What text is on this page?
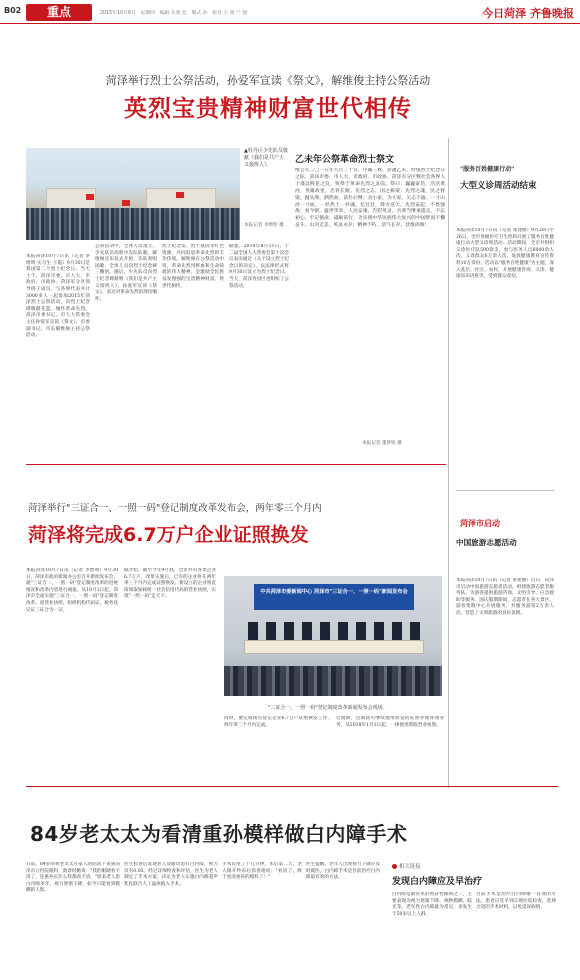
B02	重点	2015年10月8日　星期四　编辑 车张 佳　版式 孙　校对 王 娟 兰 强	今日菏泽 齐鲁晚报
菏泽举行烈士公祭活动，孙爱军宣读《祭文》，解维俊主持公祭活动
英烈宝贵精神财富世代相传
▲牡丹区少先队员敬献《我们是共产主义接班人》。
本报记者 李增明 摄
本报菏泽10月7日讯（记者 李增明 实习生 王霞）9月30日是我国第二个烈士纪念日。当天上午，菏泽市委、市人大、市政府、市政协、菏泽军分区领导班子成员，与各界代表共计3000多人一起参加2015年菏泽烈士公祭活动，向烈士纪念碑敬献花篮，缅怀革命先烈。菏泽市委书记、市人大常委会主任孙爱军宣读《祭文》，市委副书记、市长解维俊主持公祭活动。
公祭活动中，全体人员肃立，少先队员高唱少先队队歌。解维俊宣布仪式开始，乐队奏唱国歌，全体人员向烈士纪念碑三鞠躬。随后，少先队员向烈士纪念碑献唱《我们是共产主义接班人》。孙爱军宣读《祭文》，表达对革命先烈的深切缅怀。
烈士纪念馆、烈士墓园等红色资源，共同追思革命先烈的丰功伟绩。解维俊在公祭活动中说，革命先烈用鲜血和生命铸就的伟大精神，是激励全民族奋发图强的宝贵精神财富，将世代相传。
据悉，2014年8月31日，十二届全国人大常委会第十次会议表决通过《关于设立烈士纪念日的决定》，以法律形式将9月30日设立为烈士纪念日。当天，菏泽各县区也组织了公祭活动。
乙未年公祭革命烈士祭文
维公元二〇一五年九月三十日，序属三秋，岁逢乙未，时值烈士纪念日之际，菏泽市委、市人大、市政府、市政协、菏泽军分区暨社会各界人士谨以鲜花之仪，致祭于革命先烈之灵前。祭曰：巍巍泰岱，浩浩黄河，英雄故里，忠骨长眠。先烈之志，国之栋梁；先烈之魂，民之脊梁。抛头颅，洒热血，前仆后继；舍小家，为大家，矢志不渝。一寸山河一寸血，一抔热土一抔魂。忆往昔，烽火连天，先烈奋起，不畏强敌；看今朝，盛世华章，人民安康，告慰英灵。吾辈当继承遗志，不忘初心，牢记使命，砥砺前行，为实现中华民族伟大复兴的中国梦而不懈奋斗。山河无恙，英灵永存；精神不朽，浩气长存。伏维尚飨！
本报记者 董梦娇 摄
"服务百姓健康行动"
大型义诊周活动结束
本报菏泽10月7日讯（记者 张建丽）9月20日至26日，全市各级医疗卫生机构开展了服务百姓健康行动大型义诊周活动。活动期间，全市共组织义诊医疗队500余支，参与医务人员6000余人次，义诊群众6万余人次，发放健康教育宣传资料10万余份。活动以"服务百姓健康"为主题，深入基层、社区、农村，开展健康咨询、义诊、健康知识讲座等，受到群众欢迎。
菏泽市启动
中国旅游志愿活动
本报菏泽10月7日讯（记者 张建丽）近日，菏泽市启动中国旅游志愿者活动，组建旅游志愿者服务队，为游客提供旅游咨询、文明引导、应急救助等服务。国庆假期期间，志愿者在各大景区、游客集散中心开展服务，共服务游客2万余人次，营造了文明旅游的良好氛围。
菏泽举行"三证合一、一照一码"登记制度改革发布会，两年零三个月内
菏泽将完成6.7万户企业证照换发
本报菏泽10月7日讯（记者 李增明）9月30日，菏泽市政府新闻办公室召开新闻发布会，就"三证合一、一照一码"登记制度改革的进展情况和改革内容进行通报。从10月1日起，菏泽市全面实施"三证合一、一照一码"登记制度改革，原营业执照、组织机构代码证、税务登记证三证合为一证。
据介绍，截至今年9月底，全市共有各类企业6.7万户，改革实施后，已有的企业将在两年零三个月内完成证照换发。新设立的企业将直接领取加载统一社会信用代码的营业执照，实现"一照一码"走天下。
中共菏泽市委新闻中心 菏泽市"三证合一、一照一码"新闻发布会
"三证合一、一照一码"登记制度改革新闻发布会现场。
同时，要完成现有登记企业6.7万户证照换发工作，两年零三个月内完成。
过渡期，这期间可继续使用原发的证照办理各项业务，从2018年1月1日起，一律使用新版营业执照。
84岁老太太为看清重孙模样做白内障手术
日前，84岁的侯老太太在家人的陪同下来到菏泽市立医院眼科，就诊时她说："我的眼睛看不清了，连重孙长什么样都看不清。"原来老人患白内障多年，视力逐渐下降，如今只能看到模糊的人影。
医生检查后发现老人双眼均患有白内障，视力仅有0.05。经过详细检查和评估，医生为老人制定了手术方案，决定为老人实施白内障超声乳化联合人工晶体植入手术。
手术仅用了十几分钟，术后第二天，老人揭开纱布后惊喜地说："看清了，终于看清重孙的模样了！"
医生提醒，老年人出现视力下降应及时就医，白内障手术是目前治疗白内障最有效的方法。
相关链接
发现白内障应及早治疗
白内障是最常见的致盲性眼病之一，主要表现为视力逐渐下降、视物模糊、眩光等。老年性白内障最为常见，多发生于50岁以上人群。
目前手术是治疗白内障唯一有效的方法，患者应及早到正规医院检查，选择合适的手术时机，以免延误病情。
